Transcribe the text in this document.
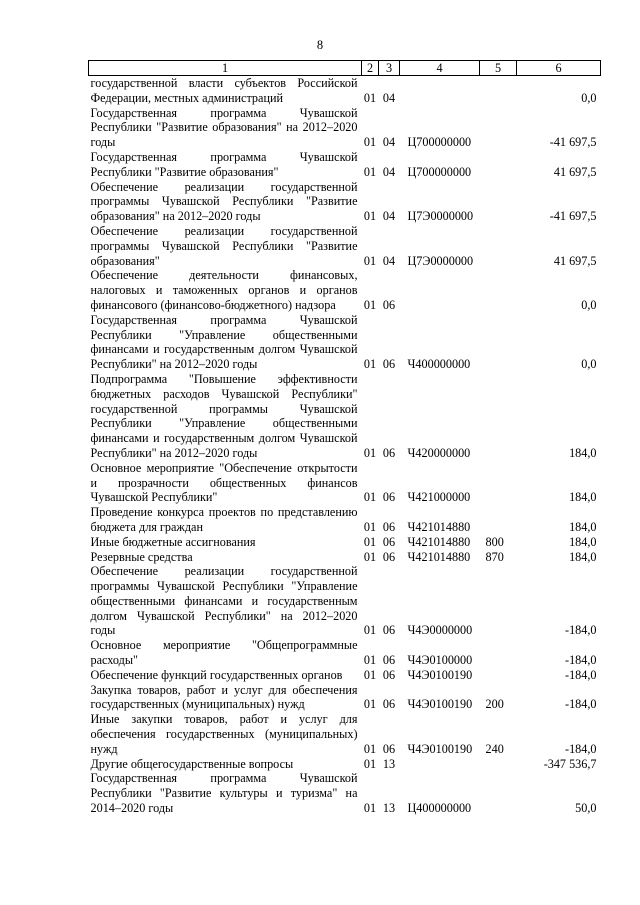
8
1	2	3	4	5	6
государственной власти субъектов Российской Федерации, местных администраций	01	04			0,0
Государственная программа Чувашской Республики "Развитие образования" на 2012–2020 годы	01	04	Ц700000000		-41 697,5
Государственная программа Чувашской Республики "Развитие образования"	01	04	Ц700000000		41 697,5
Обеспечение реализации государственной программы Чувашской Республики "Развитие образования" на 2012–2020 годы	01	04	Ц7Э0000000		-41 697,5
Обеспечение реализации государственной программы Чувашской Республики "Развитие образования"	01	04	Ц7Э0000000		41 697,5
Обеспечение деятельности финансовых, налоговых и таможенных органов и органов финансового (финансово-бюджетного) надзора	01	06			0,0
Государственная программа Чувашской Республики "Управление общественными финансами и государственным долгом Чувашской Республики" на 2012–2020 годы	01	06	Ч400000000		0,0
Подпрограмма "Повышение эффективности бюджетных расходов Чувашской Республики" государственной программы Чувашской Республики "Управление общественными финансами и государственным долгом Чувашской Республики" на 2012–2020 годы	01	06	Ч420000000		184,0
Основное мероприятие "Обеспечение открытости и прозрачности общественных финансов Чувашской Республики"	01	06	Ч421000000		184,0
Проведение конкурса проектов по представлению бюджета для граждан	01	06	Ч421014880		184,0
Иные бюджетные ассигнования	01	06	Ч421014880	800	184,0
Резервные средства	01	06	Ч421014880	870	184,0
Обеспечение реализации государственной программы Чувашской Республики "Управление общественными финансами и государственным долгом Чувашской Республики" на 2012–2020 годы	01	06	Ч4Э0000000		-184,0
Основное мероприятие "Общепрограммные расходы"	01	06	Ч4Э0100000		-184,0
Обеспечение функций государственных органов	01	06	Ч4Э0100190		-184,0
Закупка товаров, работ и услуг для обеспечения государственных (муниципальных) нужд	01	06	Ч4Э0100190	200	-184,0
Иные закупки товаров, работ и услуг для обеспечения государственных (муниципальных) нужд	01	06	Ч4Э0100190	240	-184,0
Другие общегосударственные вопросы	01	13			-347 536,7
Государственная программа Чувашской Республики "Развитие культуры и туризма" на 2014–2020 годы	01	13	Ц400000000		50,0
